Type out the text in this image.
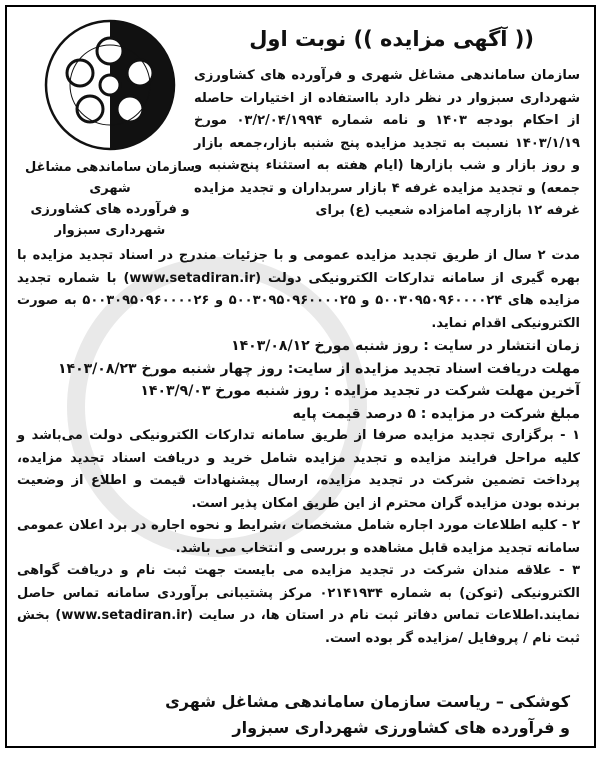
سازمان ساماندهی مشاغل شهری
و فرآورده های کشاورزی
شهرداری سبزوار
(( آگهی مزایده )) نوبت اول
سازمان ساماندهی مشاغل شهری و فرآورده های کشاورزی شهرداری سبزوار در نظر دارد بااستفاده از اختیارات حاصله از احکام بودجه ۱۴۰۳ و نامه شماره ۰۳/۲/۰۴/۱۹۹۴ مورخ ۱۴۰۳/۱/۱۹ نسبت به تجدید مزایده پنج شنبه بازار،جمعه بازار و روز بازار و شب بازارها (ایام هفته به استثناء پنج‌شنبه و جمعه) و تجدید مزایده غرفه ۴ بازار سربداران و تجدید مزایده غرفه ۱۲ بازارچه امامزاده شعیب (ع) برای

مدت ۲ سال از طریق تجدید مزایده عمومی و با جزئیات مندرج در اسناد تجدید مزایده با بهره گیری از سامانه تدارکات الکترونیکی دولت (www.setadiran.ir) با شماره تجدید مزایده های ۵۰۰۳۰۹۵۰۹۶۰۰۰۰۲۴ و ۵۰۰۳۰۹۵۰۹۶۰۰۰۰۲۵ و ۵۰۰۳۰۹۵۰۹۶۰۰۰۰۲۶ به صورت الکترونیکی اقدام نماید.

زمان انتشار در سایت : روز شنبه مورخ ۱۴۰۳/۰۸/۱۲

مهلت دریافت اسناد تجدید مزایده از سایت: روز چهار شنبه مورخ ۱۴۰۳/۰۸/۲۳

آخرین مهلت شرکت در تجدید مزایده : روز شنبه مورخ ۱۴۰۳/۹/۰۳

مبلغ شرکت در مزایده : ۵ درصد قیمت پایه

۱ - برگزاری تجدید مزایده صرفا از طریق سامانه تدارکات الکترونیکی دولت می‌باشد و کلیه مراحل فرایند مزایده و تجدید مزایده شامل خرید و دریافت اسناد تجدید مزایده، پرداخت تضمین شرکت در تجدید مزایده، ارسال پیشنهادات قیمت و اطلاع از وضعیت برنده بودن مزایده گران محترم از این طریق امکان پذیر است.

۲ - کلیه اطلاعات مورد اجاره شامل مشخصات ،شرایط و نحوه اجاره در برد اعلان عمومی سامانه تجدید مزایده قابل مشاهده و بررسی و انتخاب می باشد.

۳ - علاقه مندان شرکت در تجدید مزایده می بایست جهت ثبت نام و دریافت گواهی الکترونیکی (توکن) به شماره ۰۲۱۴۱۹۳۴ مرکز پشتیبانی برآوردی سامانه تماس حاصل نمایند.اطلاعات تماس دفاتر ثبت نام در استان ها، در سایت (www.setadiran.ir) بخش ثبت نام / پروفایل /مزایده گر بوده است.

کوشکی – ریاست سازمان ساماندهی مشاغل شهری
و فرآورده های کشاورزی شهرداری سبزوار
